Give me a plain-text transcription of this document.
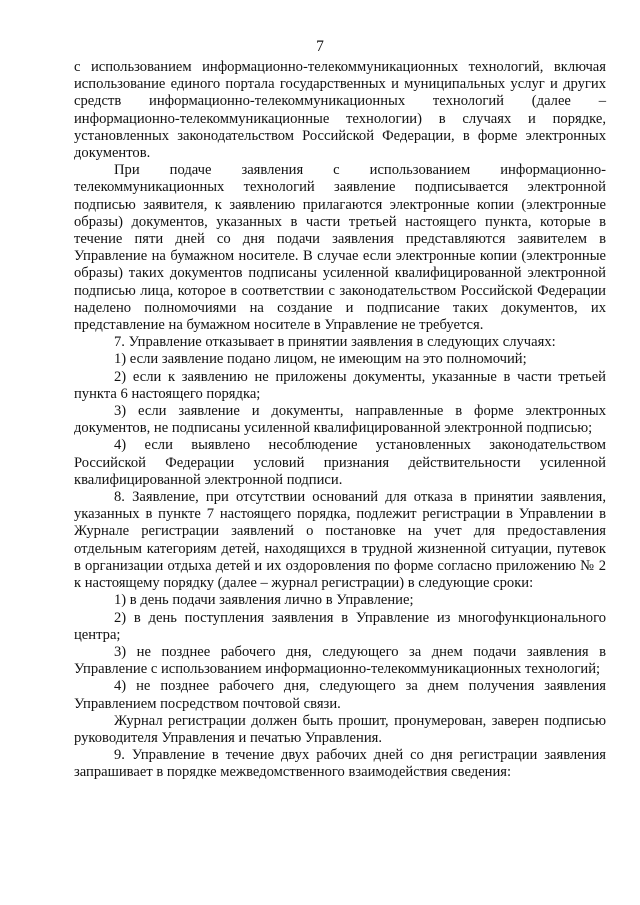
7

с использованием информационно-телекоммуникационных технологий, включая использование единого портала государственных и муниципальных услуг и других средств информационно-телекоммуникационных технологий (далее – информационно-телекоммуникационные технологии) в случаях и порядке, установленных законодательством Российской Федерации, в форме электронных документов.

При подаче заявления с использованием информационно-телекоммуникационных технологий заявление подписывается электронной подписью заявителя, к заявлению прилагаются электронные копии (электронные образы) документов, указанных в части третьей настоящего пункта, которые в течение пяти дней со дня подачи заявления представляются заявителем в Управление на бумажном носителе. В случае если электронные копии (электронные образы) таких документов подписаны усиленной квалифицированной электронной подписью лица, которое в соответствии с законодательством Российской Федерации наделено полномочиями на создание и подписание таких документов, их представление на бумажном носителе в Управление не требуется.

7. Управление отказывает в принятии заявления в следующих случаях:

1) если заявление подано лицом, не имеющим на это полномочий;

2) если к заявлению не приложены документы, указанные в части третьей пункта 6 настоящего порядка;

3) если заявление и документы, направленные в форме электронных документов, не подписаны усиленной квалифицированной электронной подписью;

4) если выявлено несоблюдение установленных законодательством Российской Федерации условий признания действительности усиленной квалифицированной электронной подписи.

8. Заявление, при отсутствии оснований для отказа в принятии заявления, указанных в пункте 7 настоящего порядка, подлежит регистрации в Управлении в Журнале регистрации заявлений о постановке на учет для предоставления отдельным категориям детей, находящихся в трудной жизненной ситуации, путевок в организации отдыха детей и их оздоровления по форме согласно приложению № 2 к настоящему порядку (далее – журнал регистрации) в следующие сроки:

1) в день подачи заявления лично в Управление;

2) в день поступления заявления в Управление из многофункционального центра;

3) не позднее рабочего дня, следующего за днем подачи заявления в Управление с использованием информационно-телекоммуникационных технологий;

4) не позднее рабочего дня, следующего за днем получения заявления Управлением посредством почтовой связи.

Журнал регистрации должен быть прошит, пронумерован, заверен подписью руководителя Управления и печатью Управления.

9. Управление в течение двух рабочих дней со дня регистрации заявления запрашивает в порядке межведомственного взаимодействия сведения:
